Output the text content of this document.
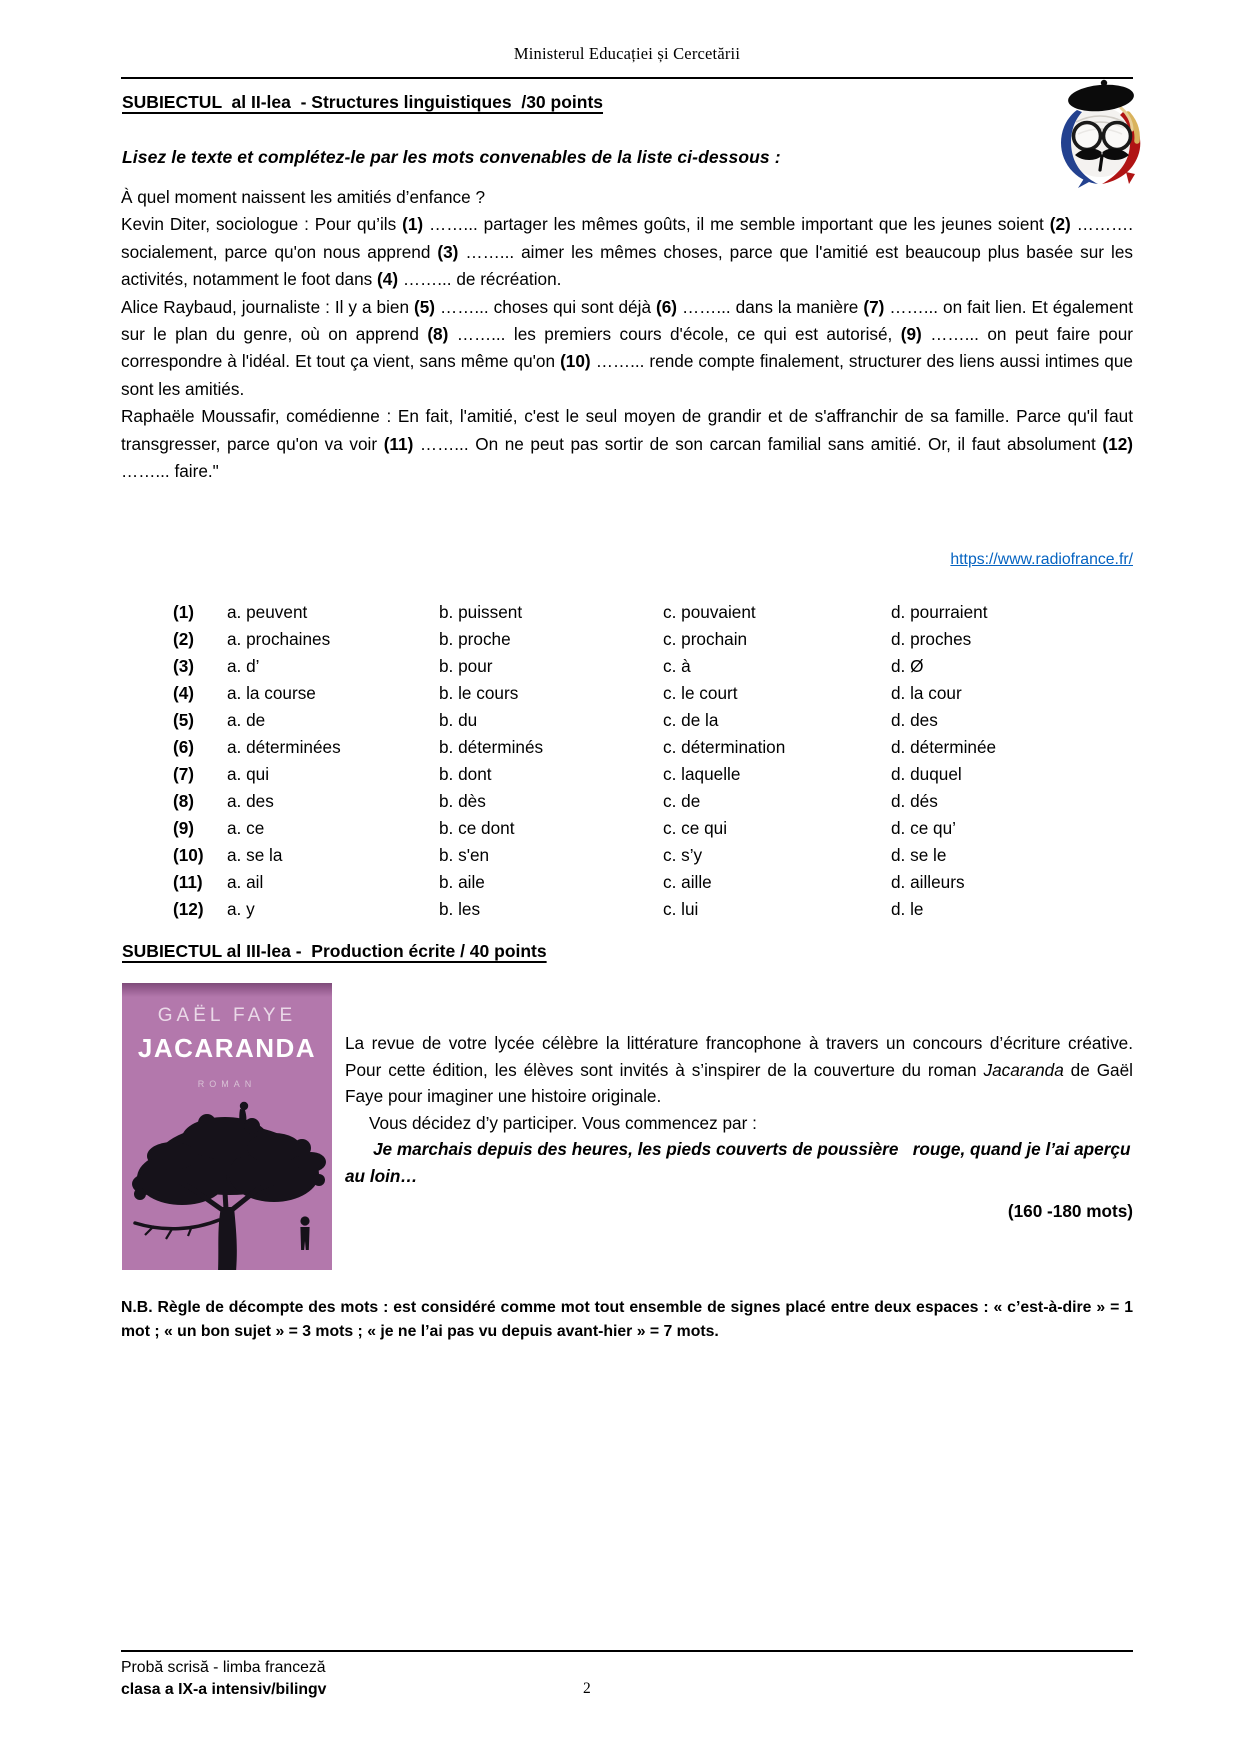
Ministerul Educației și Cercetării
SUBIECTUL  al II-lea  - Structures linguistiques  /30 points
Lisez le texte et complétez-le par les mots convenables de la liste ci-dessous :
À quel moment naissent les amitiés d’enfance ?
Kevin Diter, sociologue : Pour qu’ils (1) ……... partager les mêmes goûts, il me semble important que les jeunes soient (2) ………. socialement, parce qu'on nous apprend (3) ……... aimer les mêmes choses, parce que l'amitié est beaucoup plus basée sur les activités, notamment le foot dans (4) ……... de récréation.
Alice Raybaud, journaliste : Il y a bien (5) ……... choses qui sont déjà (6) ……... dans la manière (7) ……... on fait lien. Et également sur le plan du genre, où on apprend (8) ……... les premiers cours d'école, ce qui est autorisé, (9) ……... on peut faire pour correspondre à l'idéal. Et tout ça vient, sans même qu'on (10) ……... rende compte finalement, structurer des liens aussi intimes que sont les amitiés.
Raphaële Moussafir, comédienne : En fait, l'amitié, c'est le seul moyen de grandir et de s'affranchir de sa famille. Parce qu'il faut transgresser, parce qu'on va voir (11) ……... On ne peut pas sortir de son carcan familial sans amitié. Or, il faut absolument (12) ……... faire."
https://www.radiofrance.fr/
(1)	a. peuvent	b. puissent	c. pouvaient	d. pourraient
(2)	a. prochaines	b. proche	c. prochain	d. proches
(3)	a. d’	b. pour	c. à	d. Ø
(4)	a. la course	b. le cours	c. le court	d. la cour
(5)	a. de	b. du	c. de la	d. des
(6)	a. déterminées	b. déterminés	c. détermination	d. déterminée
(7)	a. qui	b. dont	c. laquelle	d. duquel
(8)	a. des	b. dès	c. de	d. dés
(9)	a. ce	b. ce dont	c. ce qui	d. ce qu’
(10)	a. se la	b. s'en	c. s’y	d. se le
(11)	a. ail	b. aile	c. aille	d. ailleurs
(12)	a. y	b. les	c. lui	d. le
SUBIECTUL al III-lea -  Production écrite / 40 points
GAËL FAYE
JACARANDA
ROMAN

La revue de votre lycée célèbre la littérature francophone à travers un concours d’écriture créative. Pour cette édition, les élèves sont invités à s’inspirer de la couverture du roman Jacaranda de Gaël Faye pour imaginer une histoire originale.

Vous décidez d’y participer. Vous commencez par :

Je marchais depuis des heures, les pieds couverts de poussière   rouge, quand je l’ai aperçu au loin…

(160 -180 mots)

N.B. Règle de décompte des mots : est considéré comme mot tout ensemble de signes placé entre deux espaces : « c’est-à-dire » = 1 mot ; « un bon sujet » = 3 mots ; « je ne l’ai pas vu depuis avant-hier » = 7 mots.
Probă scrisă - limba franceză
clasa a IX-a intensiv/bilingv	2
